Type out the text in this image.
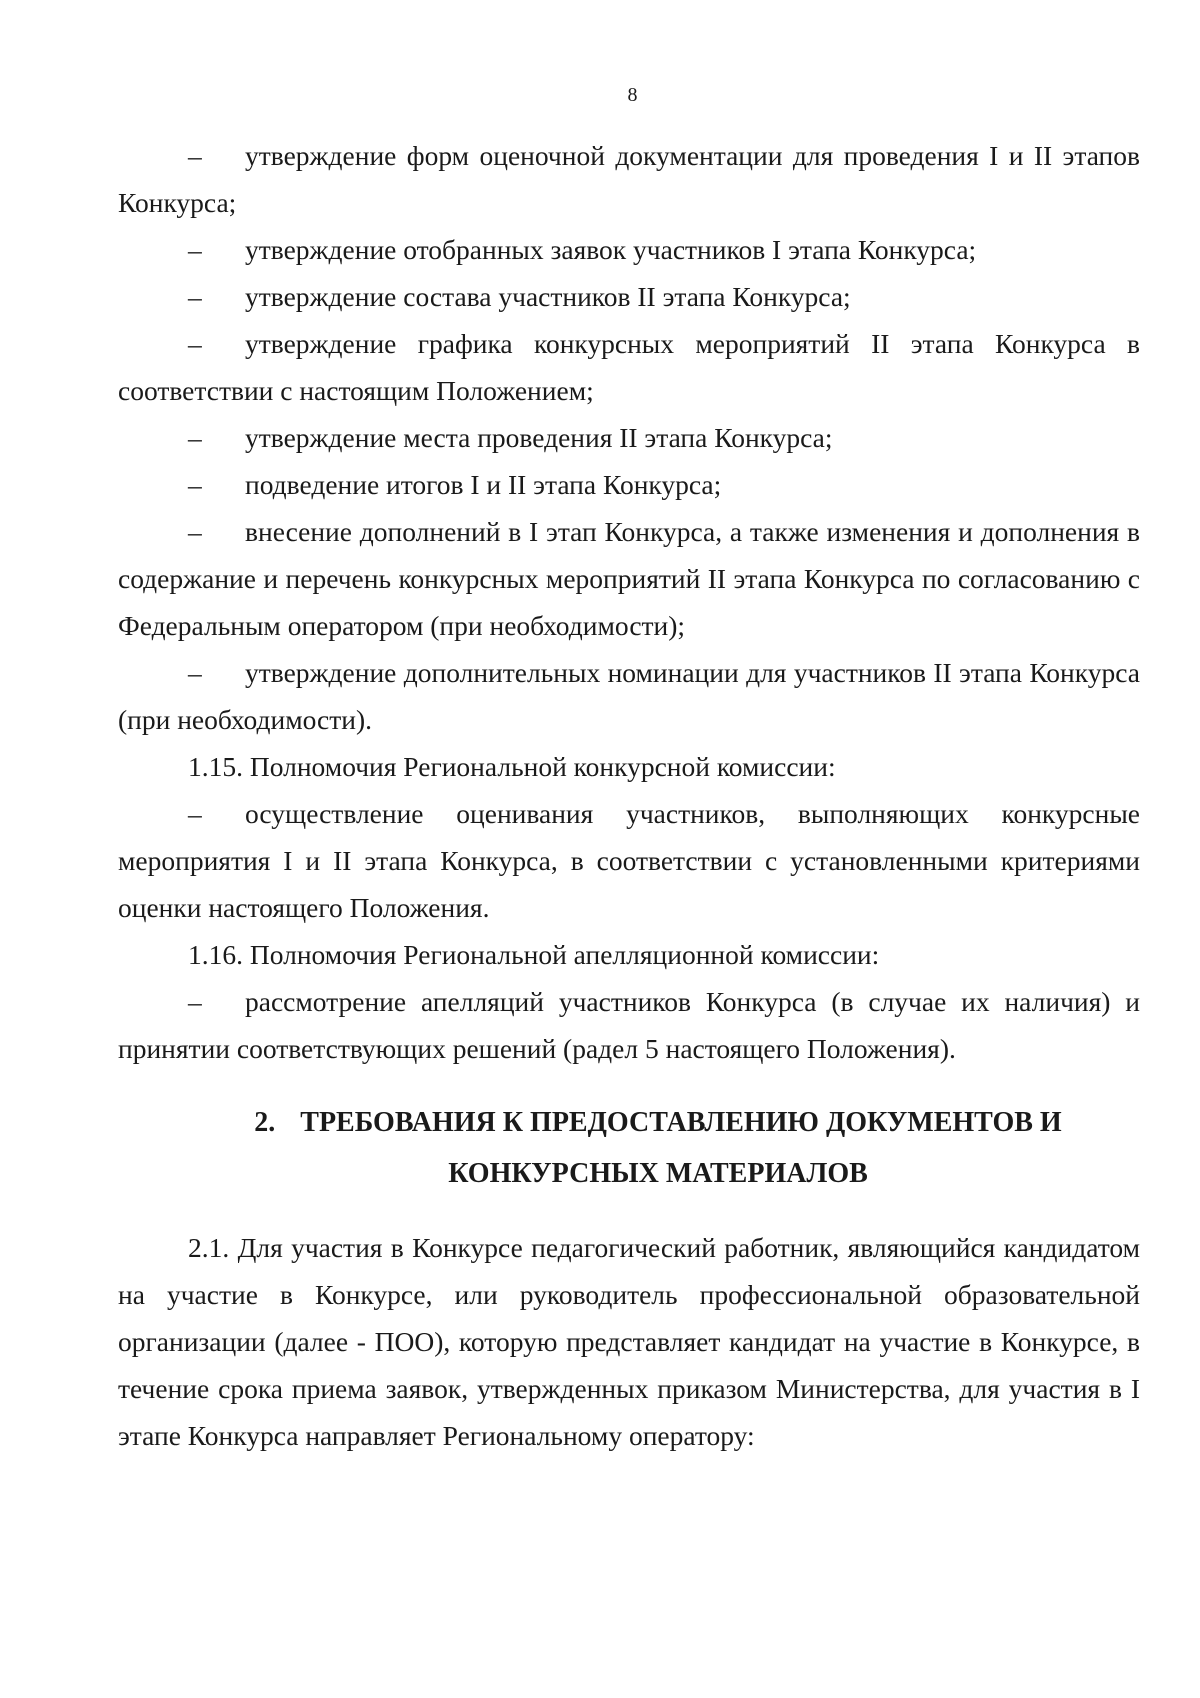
8

– утверждение форм оценочной документации для проведения I и II этапов Конкурса;

– утверждение отобранных заявок участников I этапа Конкурса;

– утверждение состава участников II этапа Конкурса;

– утверждение графика конкурсных мероприятий II этапа Конкурса в соответствии с настоящим Положением;

– утверждение места проведения II этапа Конкурса;

– подведение итогов I и II этапа Конкурса;

– внесение дополнений в I этап Конкурса, а также изменения и дополнения в содержание и перечень конкурсных мероприятий II этапа Конкурса по согласованию с Федеральным оператором (при необходимости);

– утверждение дополнительных номинации для участников II этапа Конкурса (при необходимости).

1.15. Полномочия Региональной конкурсной комиссии:

– осуществление оценивания участников, выполняющих конкурсные мероприятия I и II этапа Конкурса, в соответствии с установленными критериями оценки настоящего Положения.

1.16. Полномочия Региональной апелляционной комиссии:

– рассмотрение апелляций участников Конкурса (в случае их наличия) и принятии соответствующих решений (радел 5 настоящего Положения).

2. ТРЕБОВАНИЯ К ПРЕДОСТАВЛЕНИЮ ДОКУМЕНТОВ И
КОНКУРСНЫХ МАТЕРИАЛОВ

2.1. Для участия в Конкурсе педагогический работник, являющийся кандидатом на участие в Конкурсе, или руководитель профессиональной образовательной организации (далее - ПОО), которую представляет кандидат на участие в Конкурсе, в течение срока приема заявок, утвержденных приказом Министерства, для участия в I этапе Конкурса направляет Региональному оператору:
